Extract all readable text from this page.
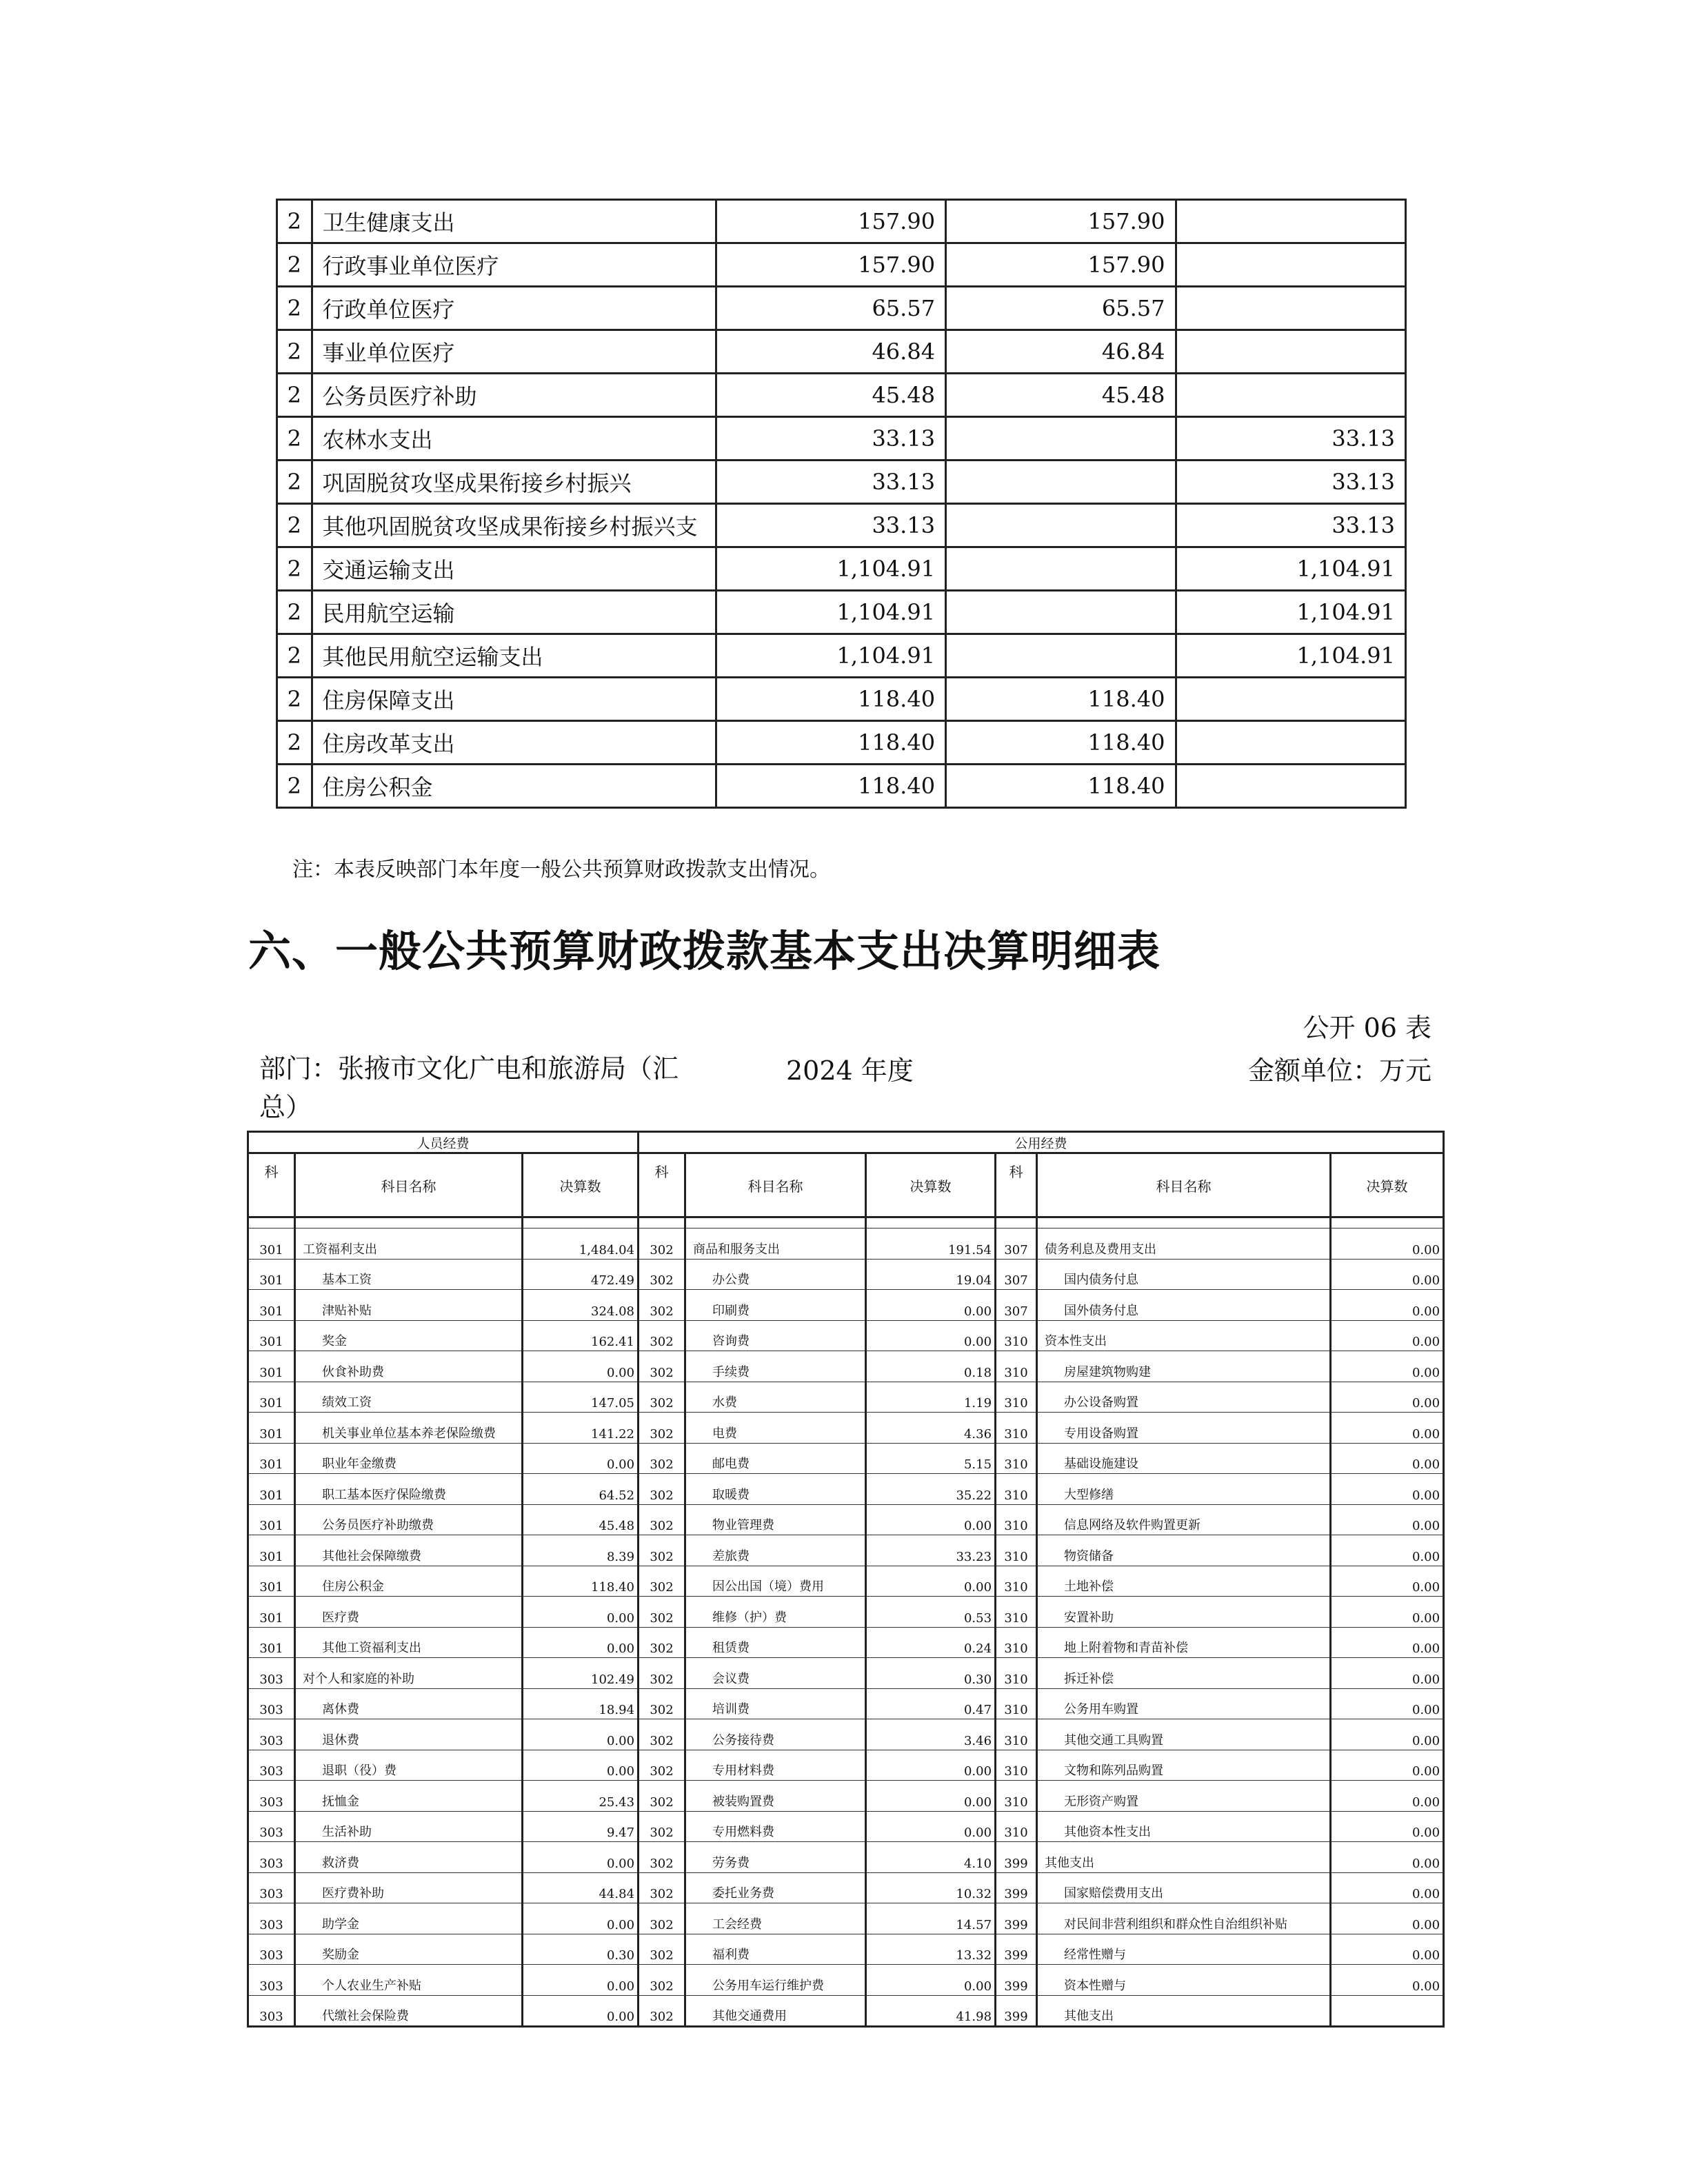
2	卫生健康支出	157.90	157.90	
2	行政事业单位医疗	157.90	157.90	
2	行政单位医疗	65.57	65.57	
2	事业单位医疗	46.84	46.84	
2	公务员医疗补助	45.48	45.48	
2	农林水支出	33.13		33.13
2	巩固脱贫攻坚成果衔接乡村振兴	33.13		33.13
2	其他巩固脱贫攻坚成果衔接乡村振兴支	33.13		33.13
2	交通运输支出	1,104.91		1,104.91
2	民用航空运输	1,104.91		1,104.91
2	其他民用航空运输支出	1,104.91		1,104.91
2	住房保障支出	118.40	118.40	
2	住房改革支出	118.40	118.40	
2	住房公积金	118.40	118.40	
注：本表反映部门本年度一般公共预算财政拨款支出情况。
六、一般公共预算财政拨款基本支出决算明细表
公开 06 表
部门：张掖市文化广电和旅游局（汇总）
2024 年度	金额单位：万元
人员经费			公用经费					
科	科目名称	决算数	科	科目名称	决算数	科	科目名称	决算数

301	工资福利支出	1,484.04	302	商品和服务支出	191.54	307	债务利息及费用支出	0.00
301	基本工资	472.49	302	办公费	19.04	307	国内债务付息	0.00
301	津贴补贴	324.08	302	印刷费	0.00	307	国外债务付息	0.00
301	奖金	162.41	302	咨询费	0.00	310	资本性支出	0.00
301	伙食补助费	0.00	302	手续费	0.18	310	房屋建筑物购建	0.00
301	绩效工资	147.05	302	水费	1.19	310	办公设备购置	0.00
301	机关事业单位基本养老保险缴费	141.22	302	电费	4.36	310	专用设备购置	0.00
301	职业年金缴费	0.00	302	邮电费	5.15	310	基础设施建设	0.00
301	职工基本医疗保险缴费	64.52	302	取暖费	35.22	310	大型修缮	0.00
301	公务员医疗补助缴费	45.48	302	物业管理费	0.00	310	信息网络及软件购置更新	0.00
301	其他社会保障缴费	8.39	302	差旅费	33.23	310	物资储备	0.00
301	住房公积金	118.40	302	因公出国（境）费用	0.00	310	土地补偿	0.00
301	医疗费	0.00	302	维修（护）费	0.53	310	安置补助	0.00
301	其他工资福利支出	0.00	302	租赁费	0.24	310	地上附着物和青苗补偿	0.00
303	对个人和家庭的补助	102.49	302	会议费	0.30	310	拆迁补偿	0.00
303	离休费	18.94	302	培训费	0.47	310	公务用车购置	0.00
303	退休费	0.00	302	公务接待费	3.46	310	其他交通工具购置	0.00
303	退职（役）费	0.00	302	专用材料费	0.00	310	文物和陈列品购置	0.00
303	抚恤金	25.43	302	被装购置费	0.00	310	无形资产购置	0.00
303	生活补助	9.47	302	专用燃料费	0.00	310	其他资本性支出	0.00
303	救济费	0.00	302	劳务费	4.10	399	其他支出	0.00
303	医疗费补助	44.84	302	委托业务费	10.32	399	国家赔偿费用支出	0.00
303	助学金	0.00	302	工会经费	14.57	399	对民间非营利组织和群众性自治组织补贴	0.00
303	奖励金	0.30	302	福利费	13.32	399	经常性赠与	0.00
303	个人农业生产补贴	0.00	302	公务用车运行维护费	0.00	399	资本性赠与	0.00
303	代缴社会保险费	0.00	302	其他交通费用	41.98	399	其他支出	
